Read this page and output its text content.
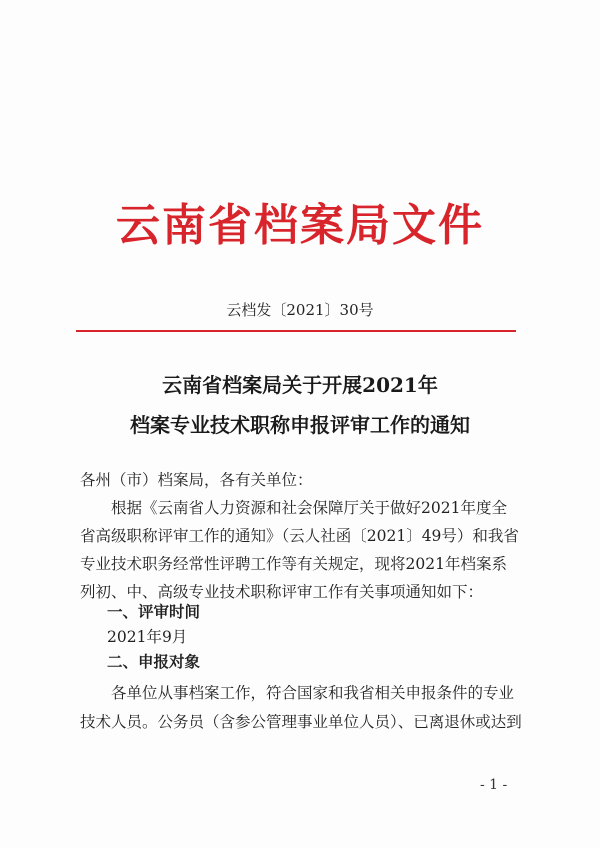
云南省档案局文件
云档发〔2021〕30号
云南省档案局关于开展2021年
档案专业技术职称申报评审工作的通知
各州（市）档案局，各有关单位：
根据《云南省人力资源和社会保障厅关于做好2021年度全
省高级职称评审工作的通知》（云人社函〔2021〕49号）和我省
专业技术职务经常性评聘工作等有关规定，现将2021年档案系
列初、中、高级专业技术职称评审工作有关事项通知如下：
一、评审时间
2021年9月
二、申报对象
各单位从事档案工作，符合国家和我省相关申报条件的专业
技术人员。公务员（含参公管理事业单位人员）、已离退休或达到
- 1 -
